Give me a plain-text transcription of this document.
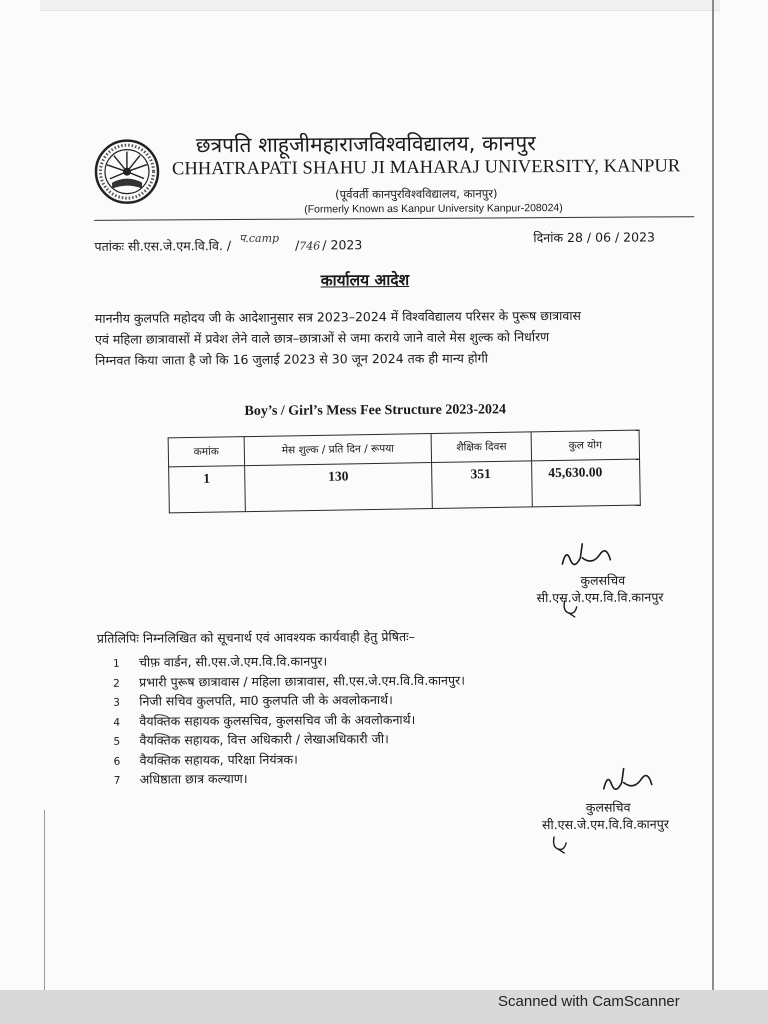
छत्रपति शाहूजीमहाराजविश्वविद्यालय, कानपुर
CHHATRAPATI SHAHU JI MAHARAJ UNIVERSITY, KANPUR
(पूर्ववर्ती कानपुरविश्वविद्यालय, कानपुर)
(Formerly Known as Kanpur University Kanpur-208024)
पतांकः सी.एस.जे.एम.वि.वि. / प.camp /746 / 2023	दिनांक 28 / 06 / 2023
कार्यालय आदेश
माननीय कुलपति महोदय जी के आदेशानुसार सत्र 2023–2024 में विश्वविद्यालय परिसर के पुरूष छात्रावास
एवं महिला छात्रावासों में प्रवेश लेने वाले छात्र–छात्राओं से जमा कराये जाने वाले मेस शुल्क को निर्धारण
निम्नवत किया जाता है जो कि 16 जुलाई 2023 से 30 जून 2024 तक ही मान्य होगी
Boy’s / Girl’s Mess Fee Structure 2023-2024
कमांक	मेस शुल्क / प्रति दिन / रूपया	शैक्षिक दिवस	कुल योग
1	130	351	45,630.00
कुलसचिव
सी.एस.जे.एम.वि.वि.कानपुर
प्रतिलिपिः निम्नलिखित को सूचनार्थ एवं आवश्यक कार्यवाही हेतु प्रेषितः–
1 चीफ़ वार्डन, सी.एस.जे.एम.वि.वि.कानपुर।
2 प्रभारी पुरूष छात्रावास / महिला छात्रावास, सी.एस.जे.एम.वि.वि.कानपुर।
3 निजी सचिव कुलपति, मा0 कुलपति जी के अवलोकनार्थ।
4 वैयक्तिक सहायक कुलसचिव, कुलसचिव जी के अवलोकनार्थ।
5 वैयक्तिक सहायक, वित्त अधिकारी / लेखाअधिकारी जी।
6 वैयक्तिक सहायक, परिक्षा नियंत्रक।
7 अधिष्ठाता छात्र कल्याण।
कुलसचिव
सी.एस.जे.एम.वि.वि.कानपुर
Scanned with CamScanner
